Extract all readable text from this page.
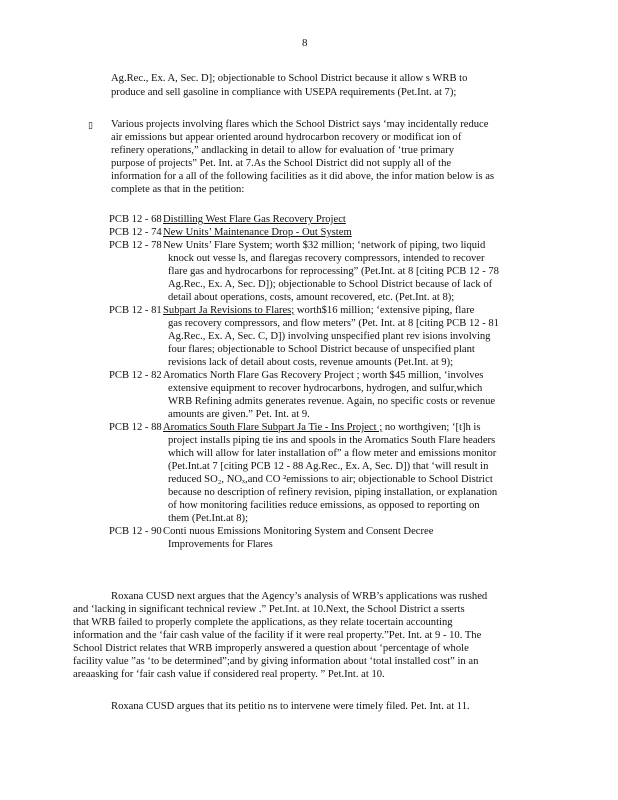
8
Ag.Rec., Ex. A, Sec. D]; objectionable to School District because it allow s WRB to
produce and sell gasoline in compliance with USEPA requirements (Pet.Int. at 7);
▯ Various projects involving flares which the School District says ‘may incidentally reduce
air emissions but appear oriented around hydrocarbon recovery or modificat ion of
refinery operations,” andlacking in detail to allow for evaluation of ‘true primary
purpose of projects” Pet. Int. at 7.As the School District did not supply all of the
information for a all of the following facilities as it did above, the infor mation below is as
complete as that in the petition:
PCB 12 - 68 Distilling West Flare Gas Recovery Project
PCB 12 - 74 New Units’ Maintenance Drop - Out System
PCB 12 - 78 New Units’ Flare System; worth $32 million; ‘network of piping, two liquid
knock out vesse ls, and flaregas recovery compressors, intended to recover
flare gas and hydrocarbons for reprocessing” (Pet.Int. at 8 [citing PCB 12 - 78
Ag.Rec., Ex. A, Sec. D]); objectionable to School District because of lack of
detail about operations, costs, amount recovered, etc. (Pet.Int. at 8);
PCB 12 - 81 Subpart Ja Revisions to Flares; worth$16 million; ‘extensive piping, flare
gas recovery compressors, and flow meters” (Pet. Int. at 8 [citing PCB 12 - 81
Ag.Rec., Ex. A, Sec. C, D]) involving unspecified plant rev isions involving
four flares; objectionable to School District because of unspecified plant
revisions lack of detail about costs, revenue amounts (Pet.Int. at 9);
PCB 12 - 82 Aromatics North Flare Gas Recovery Project ; worth $45 million, ‘involves
extensive equipment to recover hydrocarbons, hydrogen, and sulfur,which
WRB Refining admits generates revenue. Again, no specific costs or revenue
amounts are given.” Pet. Int. at 9.
PCB 12 - 88 Aromatics South Flare Subpart Ja Tie - Ins Project ; no worthgiven; ‘[t]h is
project installs piping tie ins and spools in the Aromatics South Flare headers
which will allow for later installation of” a flow meter and emissions monitor
(Pet.Int.at 7 [citing PCB 12 - 88 Ag.Rec., Ex. A, Sec. D]) that ‘will result in
reduced SO₂, NOₓ,and CO ²emissions to air; objectionable to School District
because no description of refinery revision, piping installation, or explanation
of how monitoring facilities reduce emissions, as opposed to reporting on
them (Pet.Int.at 8);
PCB 12 - 90 Conti nuous Emissions Monitoring System and Consent Decree
Improvements for Flares
Roxana CUSD next argues that the Agency’s analysis of WRB’s applications was rushed
and ‘lacking in significant technical review .” Pet.Int. at 10.Next, the School District a sserts
that WRB failed to properly complete the applications, as they relate tocertain accounting
information and the ‘fair cash value of the facility if it were real property.”Pet. Int. at 9 - 10. The
School District relates that WRB improperly answered a question about ‘percentage of whole
facility value ”as ‘to be determined”;and by giving information about ‘total installed cost” in an
areaasking for ‘fair cash value if considered real property. ” Pet.Int. at 10.
Roxana CUSD argues that its petitio ns to intervene were timely filed. Pet. Int. at 11.
